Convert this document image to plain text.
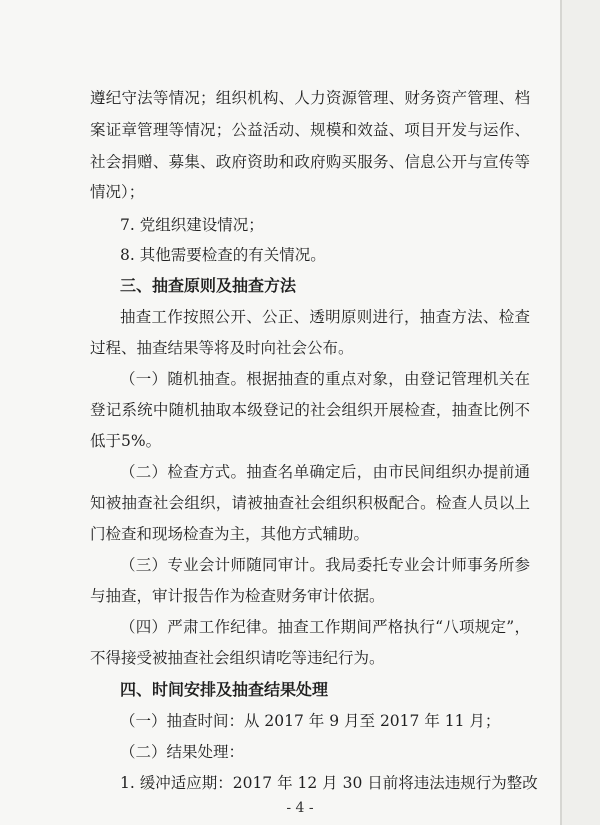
遵纪守法等情况；组织机构、人力资源管理、财务资产管理、档
案证章管理等情况；公益活动、规模和效益、项目开发与运作、
社会捐赠、募集、政府资助和政府购买服务、信息公开与宣传等
情况）；
7. 党组织建设情况；
8. 其他需要检查的有关情况。
三、抽查原则及抽查方法
抽查工作按照公开、公正、透明原则进行，抽查方法、检查
过程、抽查结果等将及时向社会公布。
（一）随机抽查。根据抽查的重点对象，由登记管理机关在
登记系统中随机抽取本级登记的社会组织开展检查，抽查比例不
低于5%。
（二）检查方式。抽查名单确定后，由市民间组织办提前通
知被抽查社会组织，请被抽查社会组织积极配合。检查人员以上
门检查和现场检查为主，其他方式辅助。
（三）专业会计师随同审计。我局委托专业会计师事务所参
与抽查，审计报告作为检查财务审计依据。
（四）严肃工作纪律。抽查工作期间严格执行“八项规定”，
不得接受被抽查社会组织请吃等违纪行为。
四、时间安排及抽查结果处理
（一）抽查时间：从 2017 年 9 月至 2017 年 11 月；
（二）结果处理：
1. 缓冲适应期：2017 年 12 月 30 日前将违法违规行为整改
- 4 -
